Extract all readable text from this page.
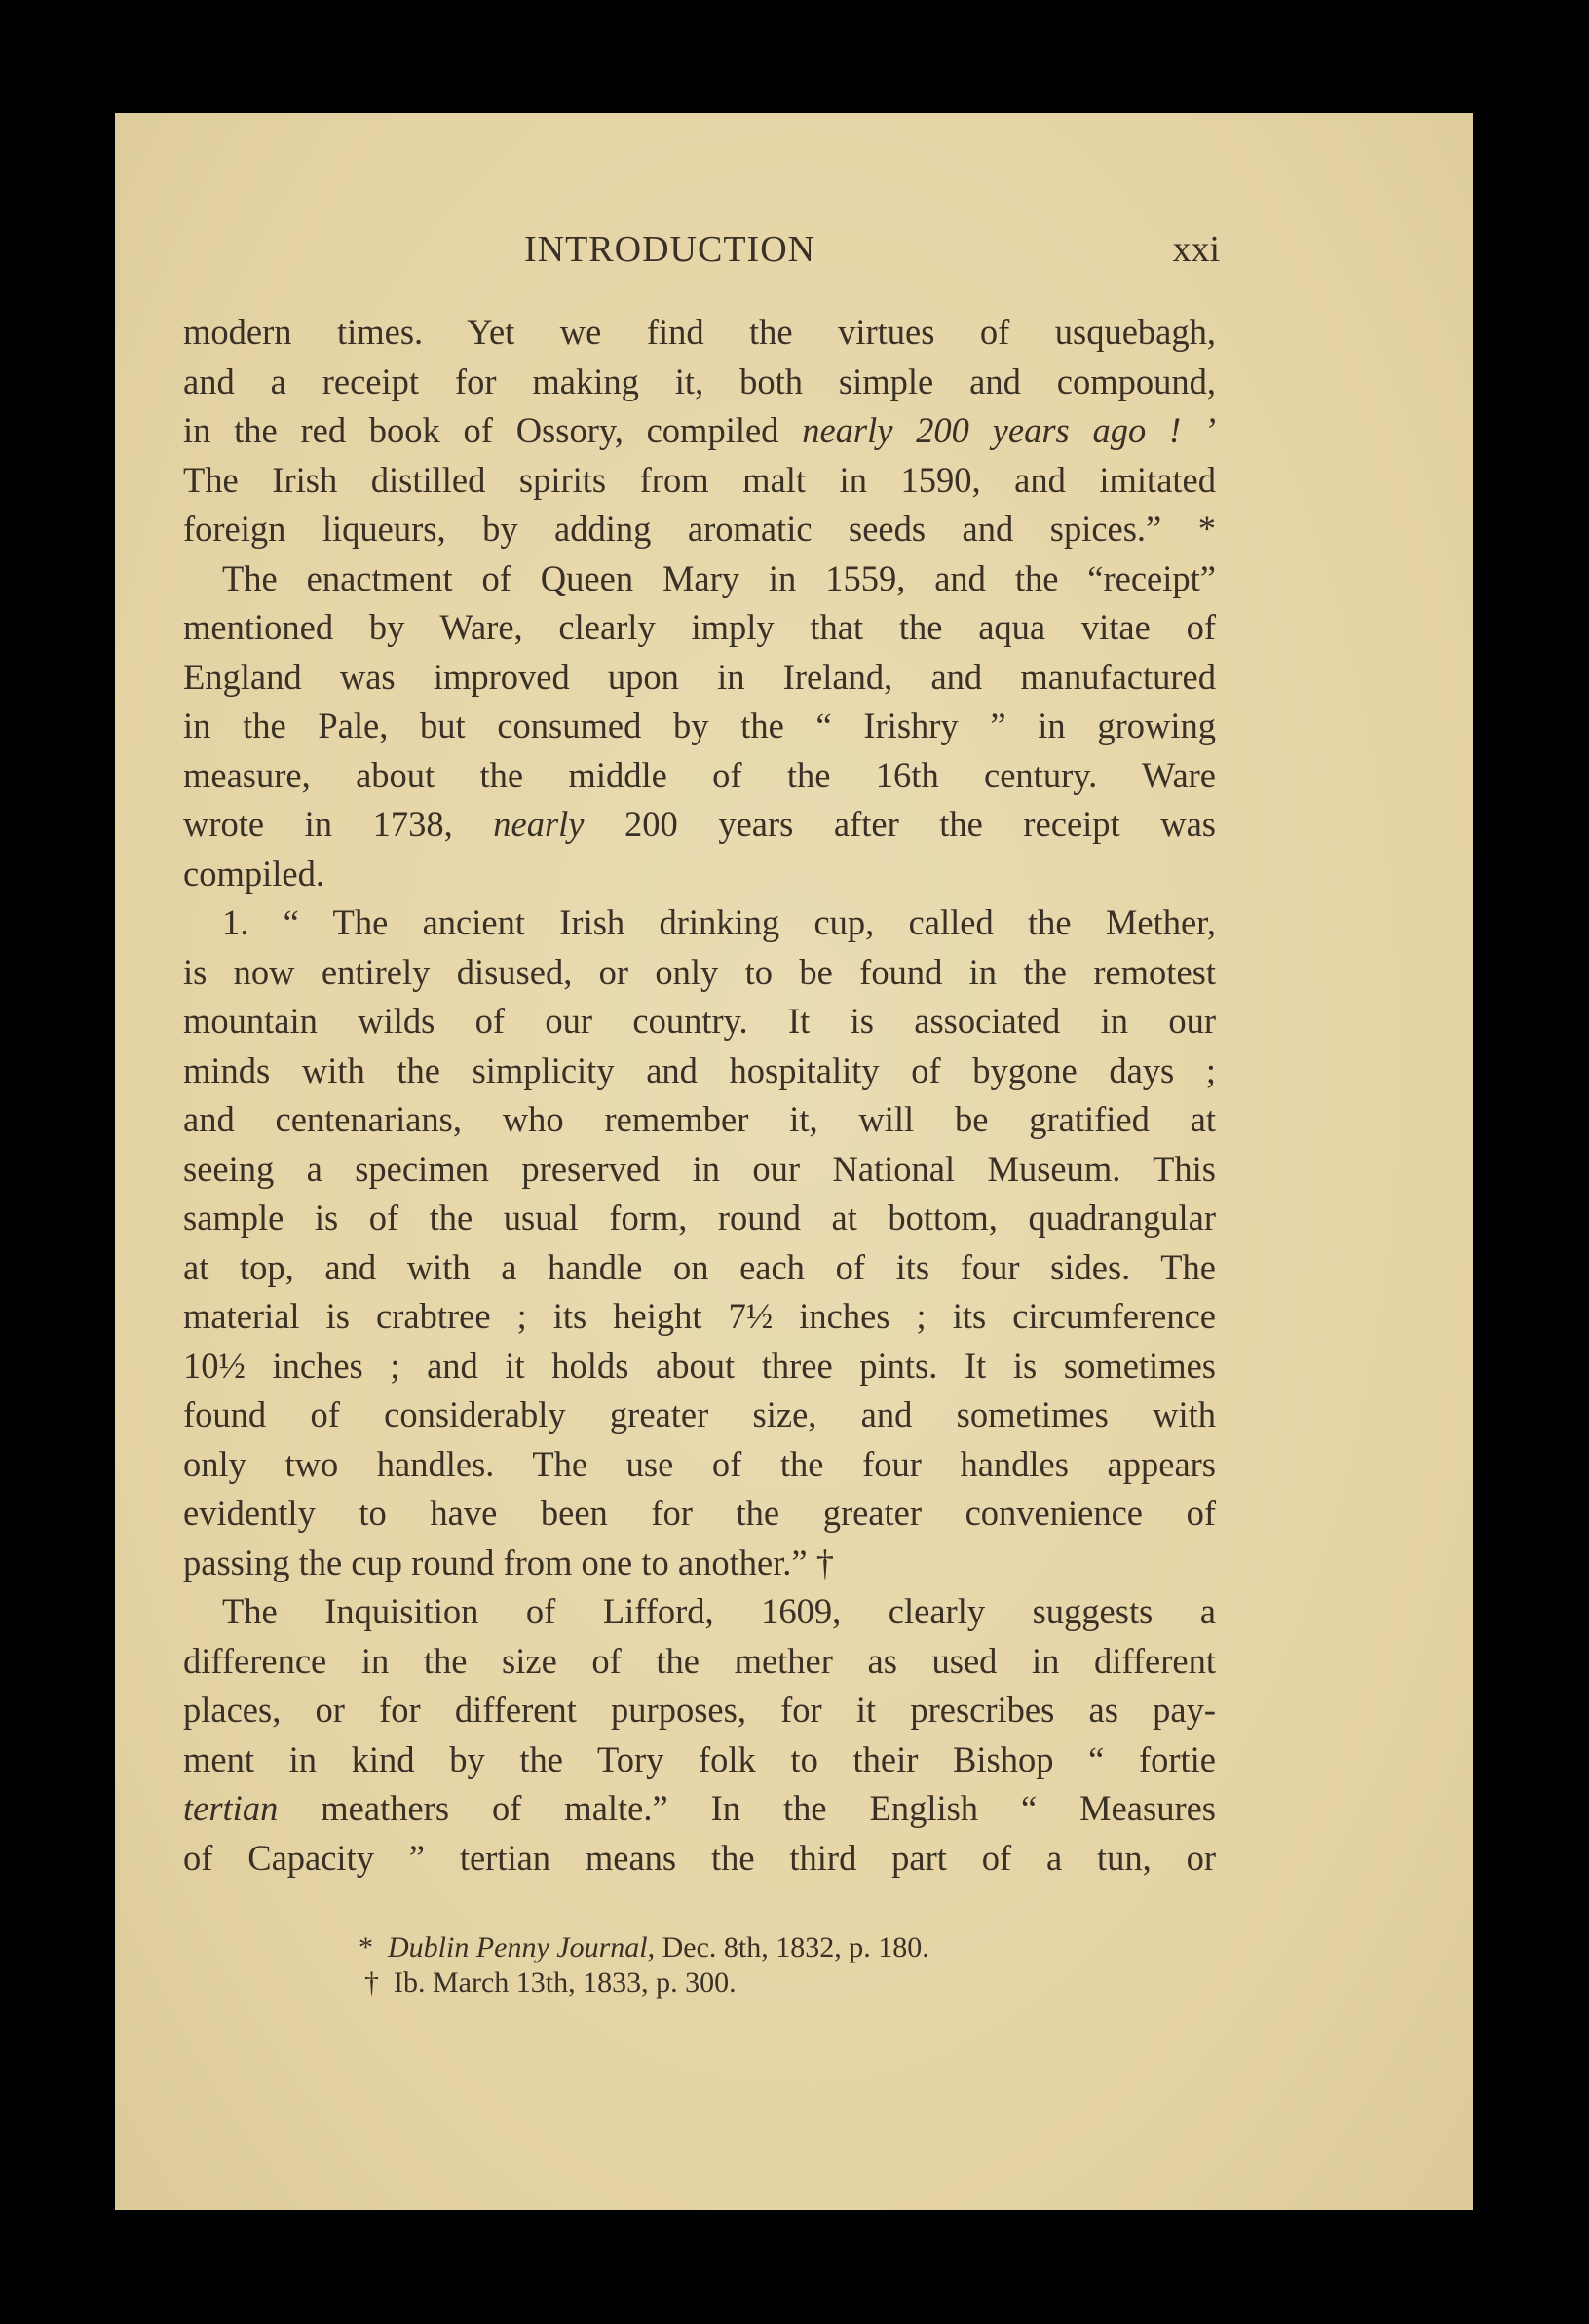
INTRODUCTION	xxi
modern times. Yet we find the virtues of usquebagh,
and a receipt for making it, both simple and compound,
in the red book of Ossory, compiled nearly 200 years ago ! ’
The Irish distilled spirits from malt in 1590, and imitated
foreign liqueurs, by adding aromatic seeds and spices.” *
The enactment of Queen Mary in 1559, and the “receipt”
mentioned by Ware, clearly imply that the aqua vitae of
England was improved upon in Ireland, and manufactured
in the Pale, but consumed by the “ Irishry ” in growing
measure, about the middle of the 16th century. Ware
wrote in 1738, nearly 200 years after the receipt was
compiled.
1. “ The ancient Irish drinking cup, called the Mether,
is now entirely disused, or only to be found in the remotest
mountain wilds of our country. It is associated in our
minds with the simplicity and hospitality of bygone days ;
and centenarians, who remember it, will be gratified at
seeing a specimen preserved in our National Museum. This
sample is of the usual form, round at bottom, quadrangular
at top, and with a handle on each of its four sides. The
material is crabtree ; its height 7½ inches ; its circumference
10½ inches ; and it holds about three pints. It is sometimes
found of considerably greater size, and sometimes with
only two handles. The use of the four handles appears
evidently to have been for the greater convenience of
passing the cup round from one to another.” †
The Inquisition of Lifford, 1609, clearly suggests a
difference in the size of the mether as used in different
places, or for different purposes, for it prescribes as pay-
ment in kind by the Tory folk to their Bishop “ fortie
tertian meathers of malte.” In the English “ Measures
of Capacity ” tertian means the third part of a tun, or
* Dublin Penny Journal, Dec. 8th, 1832, p. 180.
† Ib. March 13th, 1833, p. 300.
